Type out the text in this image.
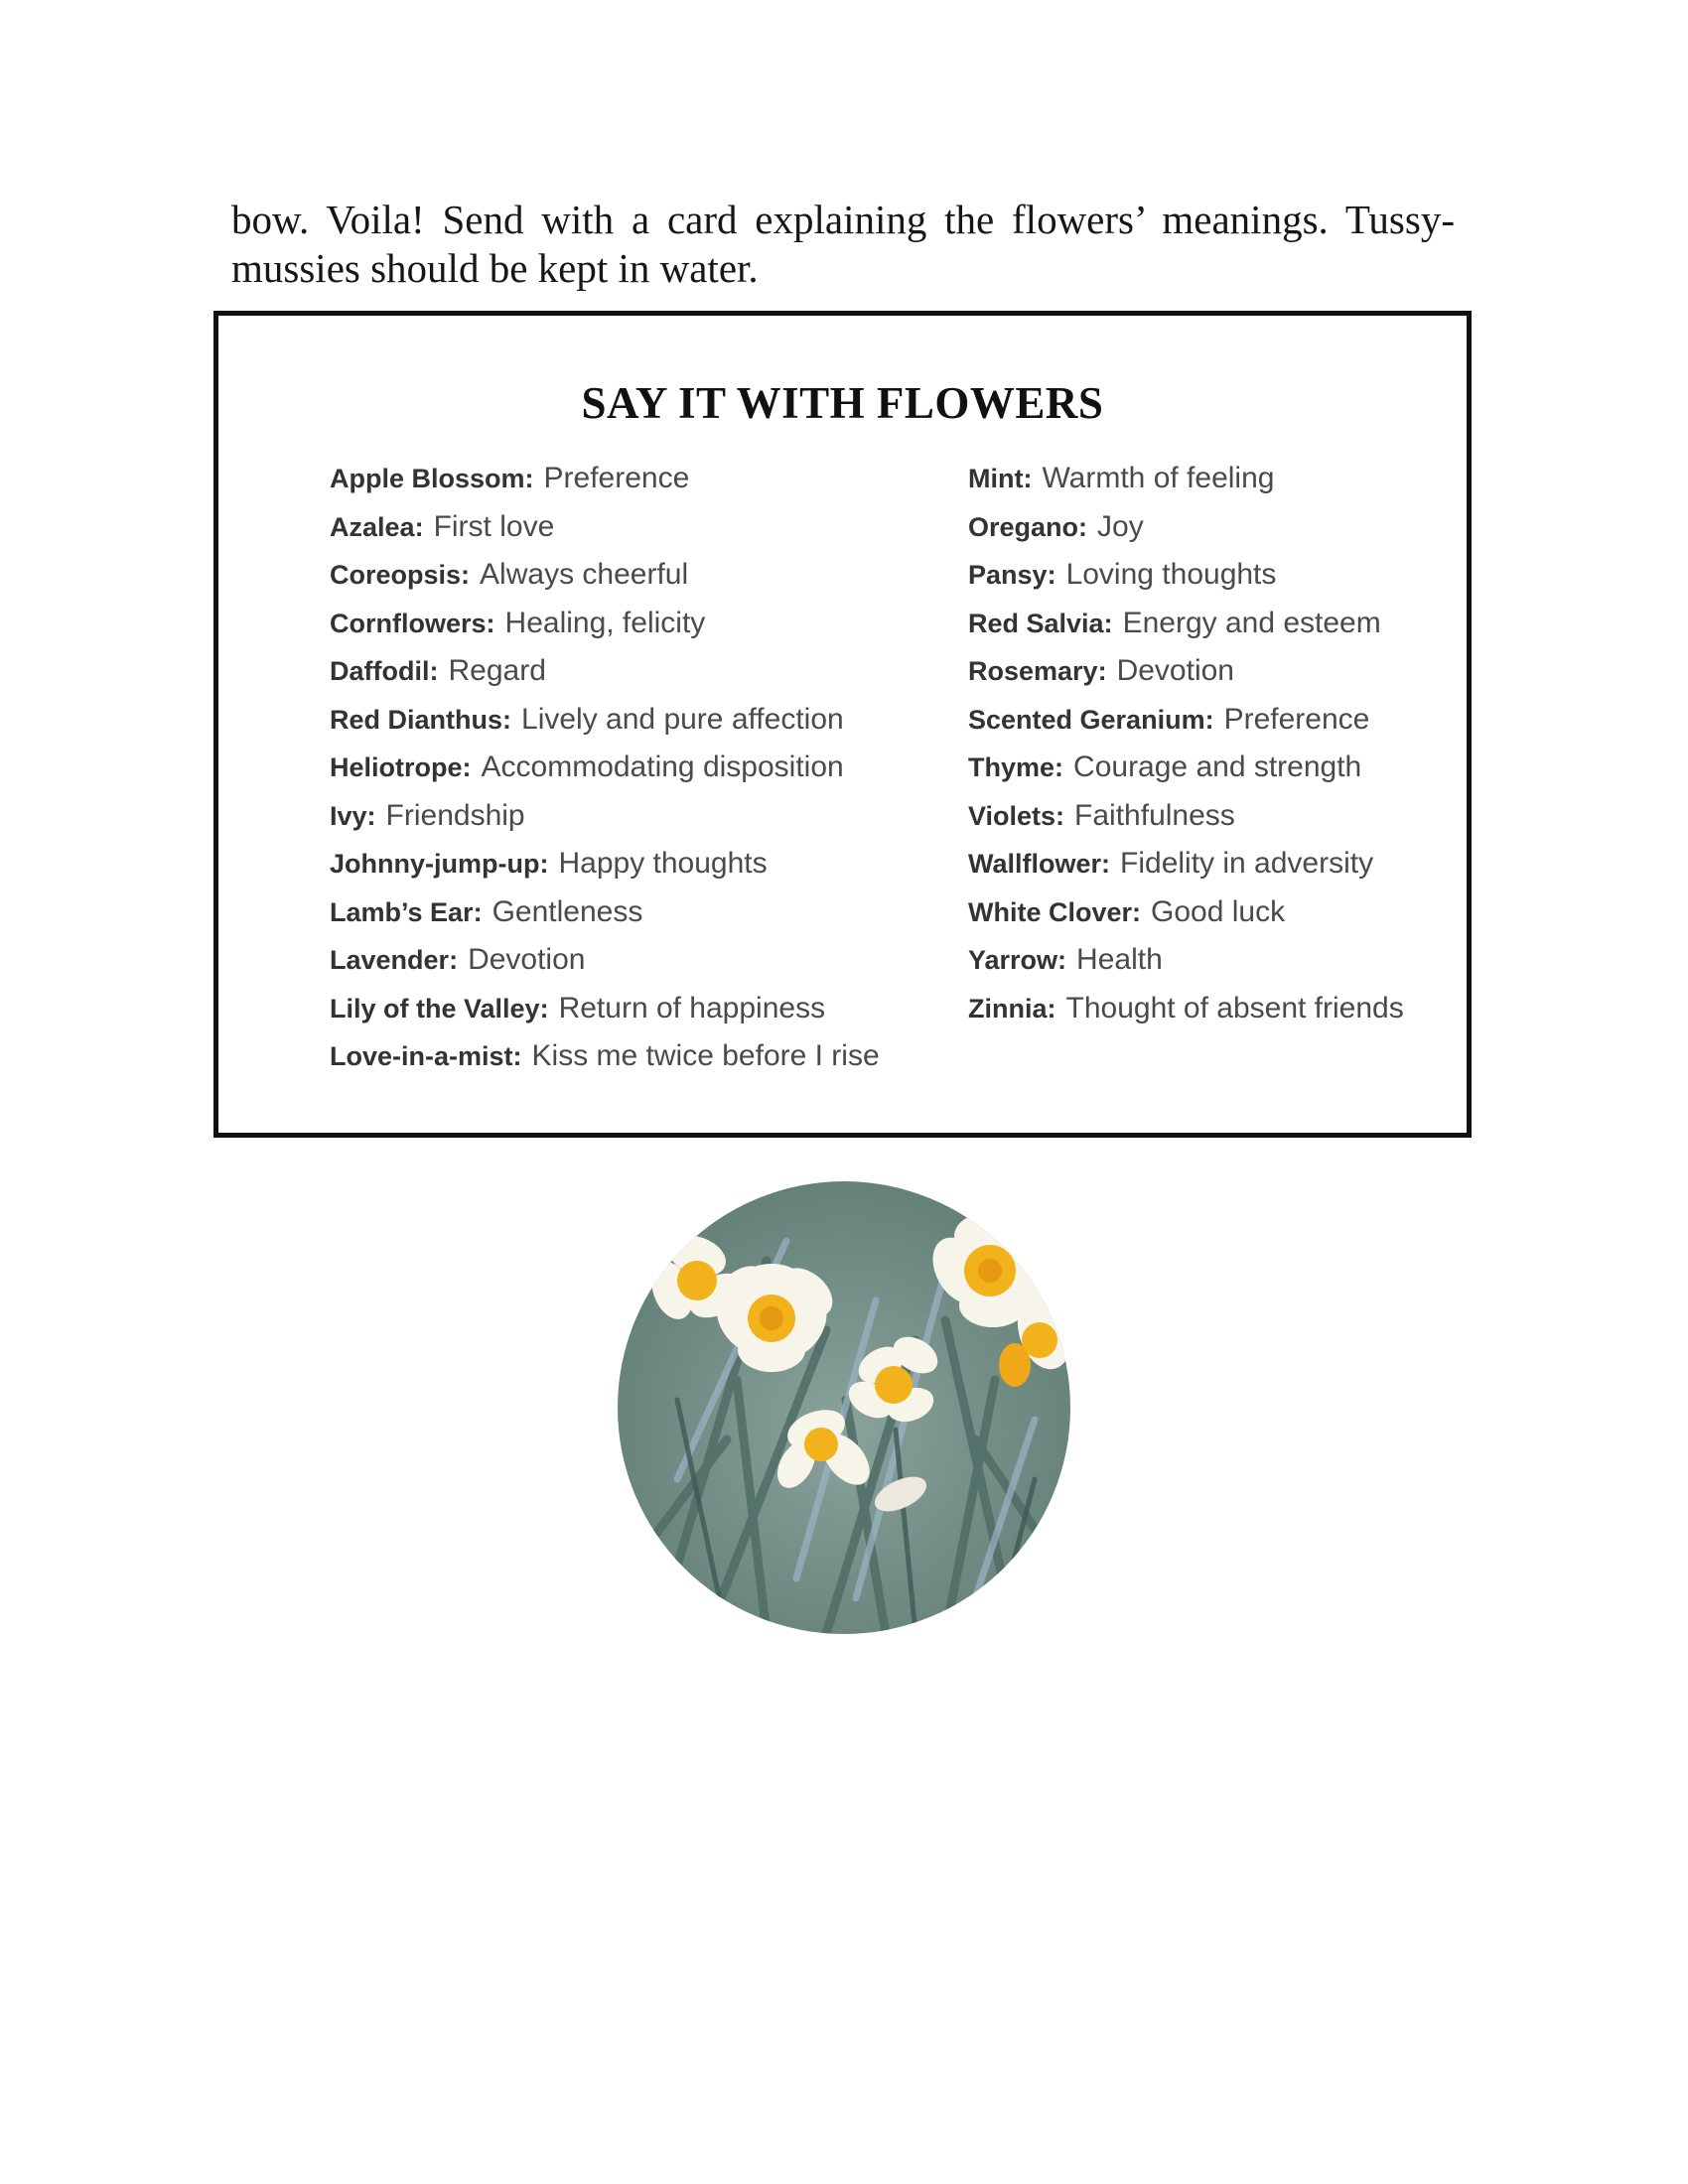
bow. Voila! Send with a card explaining the flowers’ meanings. Tussy-mussies should be kept in water.

SAY IT WITH FLOWERS
Apple Blossom: Preference
Azalea: First love
Coreopsis: Always cheerful
Cornflowers: Healing, felicity
Daffodil: Regard
Red Dianthus: Lively and pure affection
Heliotrope: Accommodating disposition
Ivy: Friendship
Johnny-jump-up: Happy thoughts
Lamb’s Ear: Gentleness
Lavender: Devotion
Lily of the Valley: Return of happiness
Love-in-a-mist: Kiss me twice before I rise
Mint: Warmth of feeling
Oregano: Joy
Pansy: Loving thoughts
Red Salvia: Energy and esteem
Rosemary: Devotion
Scented Geranium: Preference
Thyme: Courage and strength
Violets: Faithfulness
Wallflower: Fidelity in adversity
White Clover: Good luck
Yarrow: Health
Zinnia: Thought of absent friends
